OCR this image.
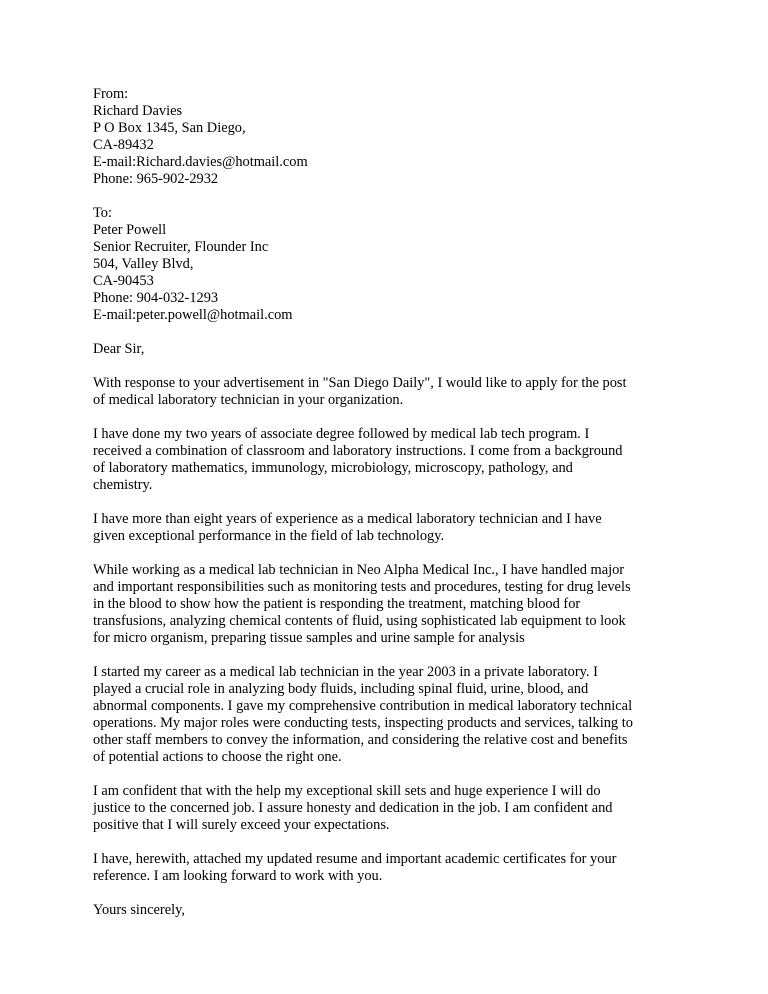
From:
Richard Davies
P O Box 1345, San Diego,
CA-89432
E-mail:Richard.davies@hotmail.com
Phone: 965-902-2932
To:
Peter Powell
Senior Recruiter, Flounder Inc
504, Valley Blvd,
CA-90453
Phone: 904-032-1293
E-mail:peter.powell@hotmail.com

Dear Sir,

With response to your advertisement in "San Diego Daily", I would like to apply for the post
of medical laboratory technician in your organization.

I have done my two years of associate degree followed by medical lab tech program. I
received a combination of classroom and laboratory instructions. I come from a background
of laboratory mathematics, immunology, microbiology, microscopy, pathology, and
chemistry.

I have more than eight years of experience as a medical laboratory technician and I have
given exceptional performance in the field of lab technology.

While working as a medical lab technician in Neo Alpha Medical Inc., I have handled major
and important responsibilities such as monitoring tests and procedures, testing for drug levels
in the blood to show how the patient is responding the treatment, matching blood for
transfusions, analyzing chemical contents of fluid, using sophisticated lab equipment to look
for micro organism, preparing tissue samples and urine sample for analysis

I started my career as a medical lab technician in the year 2003 in a private laboratory. I
played a crucial role in analyzing body fluids, including spinal fluid, urine, blood, and
abnormal components. I gave my comprehensive contribution in medical laboratory technical
operations. My major roles were conducting tests, inspecting products and services, talking to
other staff members to convey the information, and considering the relative cost and benefits
of potential actions to choose the right one.

I am confident that with the help my exceptional skill sets and huge experience I will do
justice to the concerned job. I assure honesty and dedication in the job. I am confident and
positive that I will surely exceed your expectations.

I have, herewith, attached my updated resume and important academic certificates for your
reference. I am looking forward to work with you.

Yours sincerely,
